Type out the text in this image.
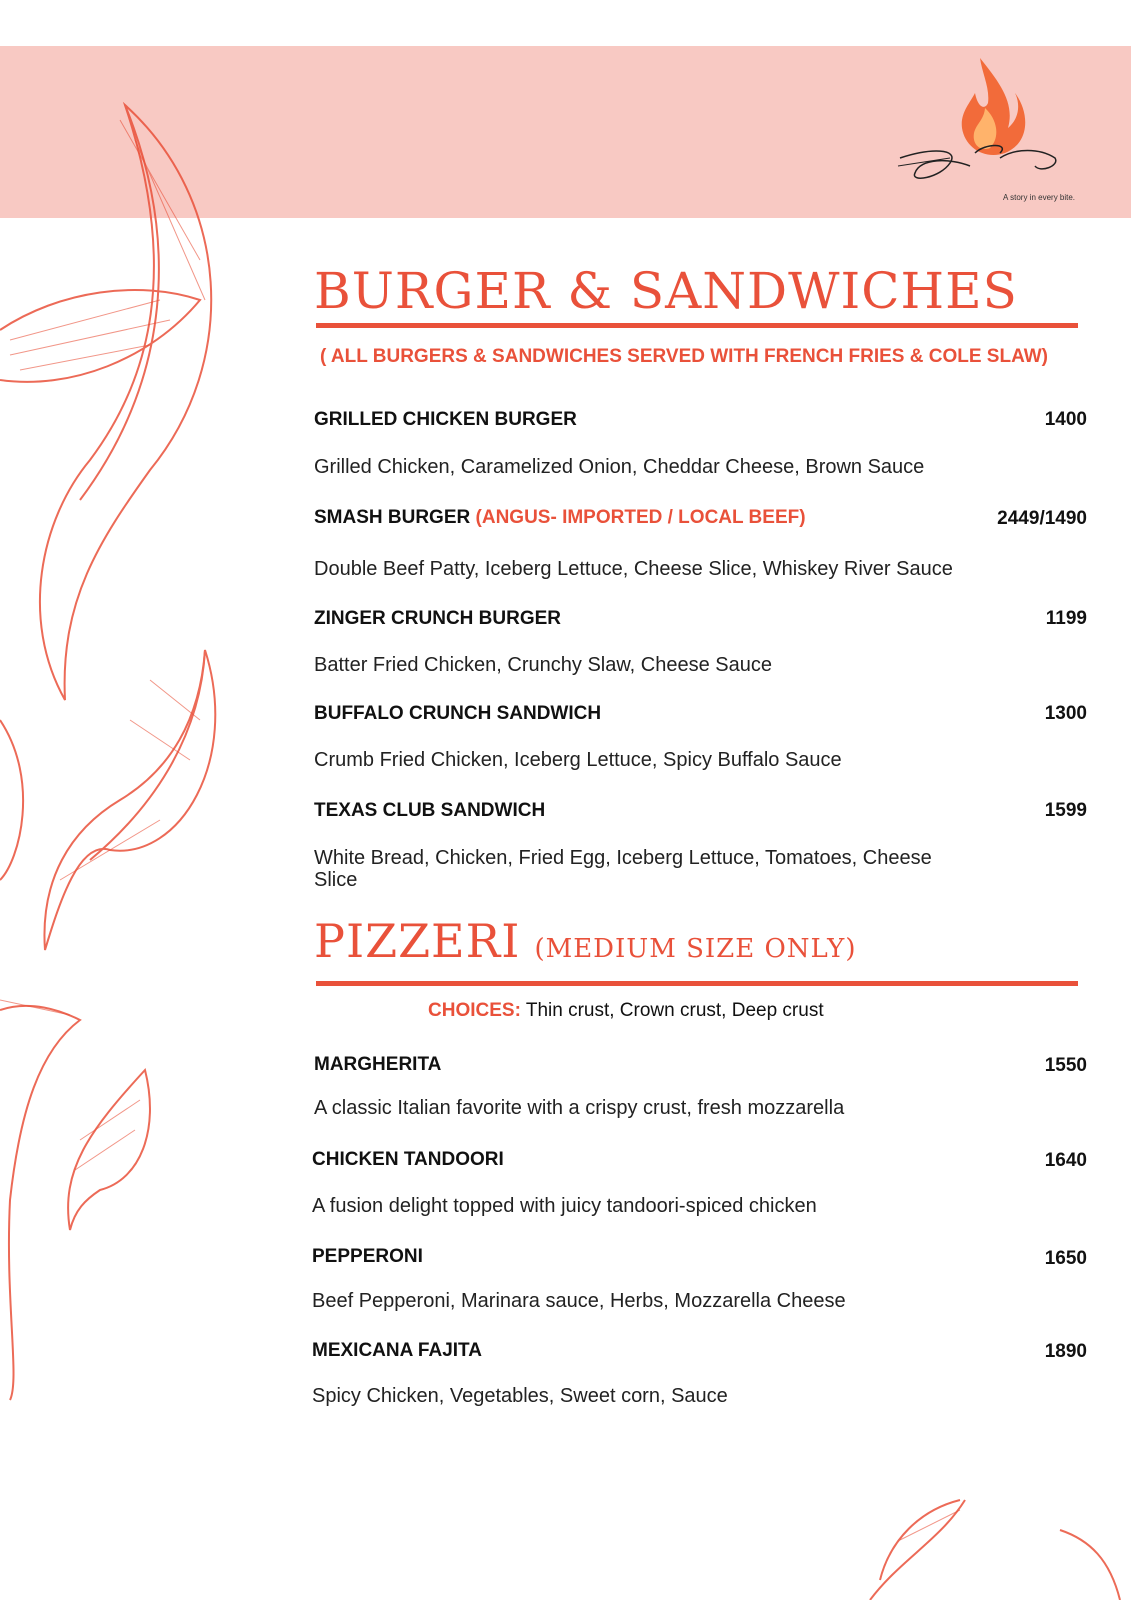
A story in every bite.
BURGER & SANDWICHES
( ALL BURGERS & SANDWICHES SERVED WITH FRENCH FRIES & COLE SLAW)
GRILLED CHICKEN BURGER	1400
Grilled Chicken, Caramelized Onion, Cheddar Cheese, Brown Sauce
SMASH BURGER (ANGUS- IMPORTED / LOCAL BEEF)	2449/1490
Double Beef Patty, Iceberg Lettuce, Cheese Slice, Whiskey River Sauce
ZINGER CRUNCH BURGER	1199
Batter Fried Chicken, Crunchy Slaw, Cheese Sauce
BUFFALO CRUNCH SANDWICH	1300
Crumb Fried Chicken, Iceberg Lettuce, Spicy Buffalo Sauce
TEXAS CLUB SANDWICH	1599
White Bread, Chicken, Fried Egg, Iceberg Lettuce, Tomatoes, Cheese Slice
PIZZERI (MEDIUM SIZE ONLY)
CHOICES: Thin crust, Crown crust, Deep crust
MARGHERITA	1550
A classic Italian favorite with a crispy crust, fresh mozzarella
CHICKEN TANDOORI	1640
A fusion delight topped with juicy tandoori-spiced chicken
PEPPERONI	1650
Beef Pepperoni, Marinara sauce, Herbs, Mozzarella Cheese
MEXICANA FAJITA	1890
Spicy Chicken, Vegetables, Sweet corn, Sauce
